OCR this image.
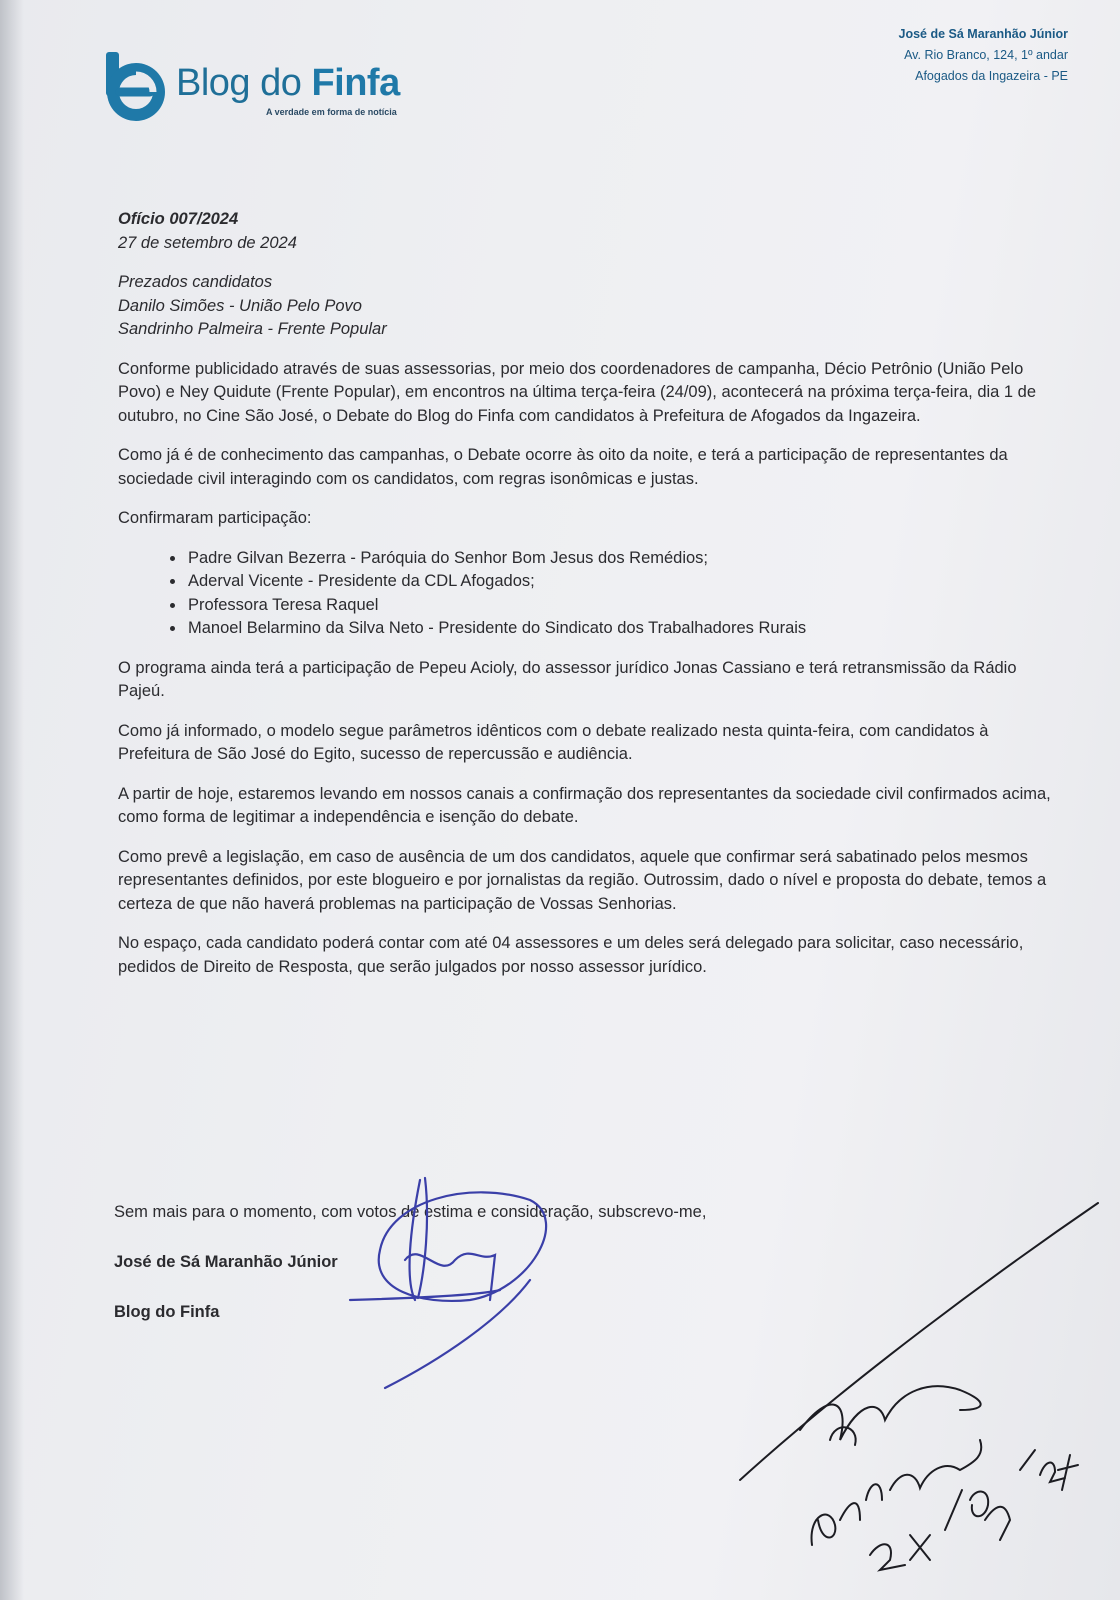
Blog do Finfa
A verdade em forma de notícia
José de Sá Maranhão Júnior
Av. Rio Branco, 124, 1º andar
Afogados da Ingazeira - PE
Ofício 007/2024
27 de setembro de 2024
Prezados candidatos
Danilo Simões - União Pelo Povo
Sandrinho Palmeira - Frente Popular

Conforme publicidado através de suas assessorias, por meio dos coordenadores de campanha, Décio Petrônio (União Pelo Povo) e Ney Quidute (Frente Popular), em encontros na última terça-feira (24/09), acontecerá na próxima terça-feira, dia 1 de outubro, no Cine São José, o Debate do Blog do Finfa com candidatos à Prefeitura de Afogados da Ingazeira.

Como já é de conhecimento das campanhas, o Debate ocorre às oito da noite, e terá a participação de representantes da sociedade civil interagindo com os candidatos, com regras isonômicas e justas.

Confirmaram participação:

• Padre Gilvan Bezerra - Paróquia do Senhor Bom Jesus dos Remédios;
• Aderval Vicente - Presidente da CDL Afogados;
• Professora Teresa Raquel
• Manoel Belarmino da Silva Neto - Presidente do Sindicato dos Trabalhadores Rurais

O programa ainda terá a participação de Pepeu Acioly, do assessor jurídico Jonas Cassiano e terá retransmissão da Rádio Pajeú.

Como já informado, o modelo segue parâmetros idênticos com o debate realizado nesta quinta-feira, com candidatos à Prefeitura de São José do Egito, sucesso de repercussão e audiência.

A partir de hoje, estaremos levando em nossos canais a confirmação dos representantes da sociedade civil confirmados acima, como forma de legitimar a independência e isenção do debate.

Como prevê a legislação, em caso de ausência de um dos candidatos, aquele que confirmar será sabatinado pelos mesmos representantes definidos, por este blogueiro e por jornalistas da região. Outrossim, dado o nível e proposta do debate, temos a certeza de que não haverá problemas na participação de Vossas Senhorias.

No espaço, cada candidato poderá contar com até 04 assessores e um deles será delegado para solicitar, caso necessário, pedidos de Direito de Resposta, que serão julgados por nosso assessor jurídico.

Sem mais para o momento, com votos de estima e consideração, subscrevo-me,
José de Sá Maranhão Júnior
Blog do Finfa
